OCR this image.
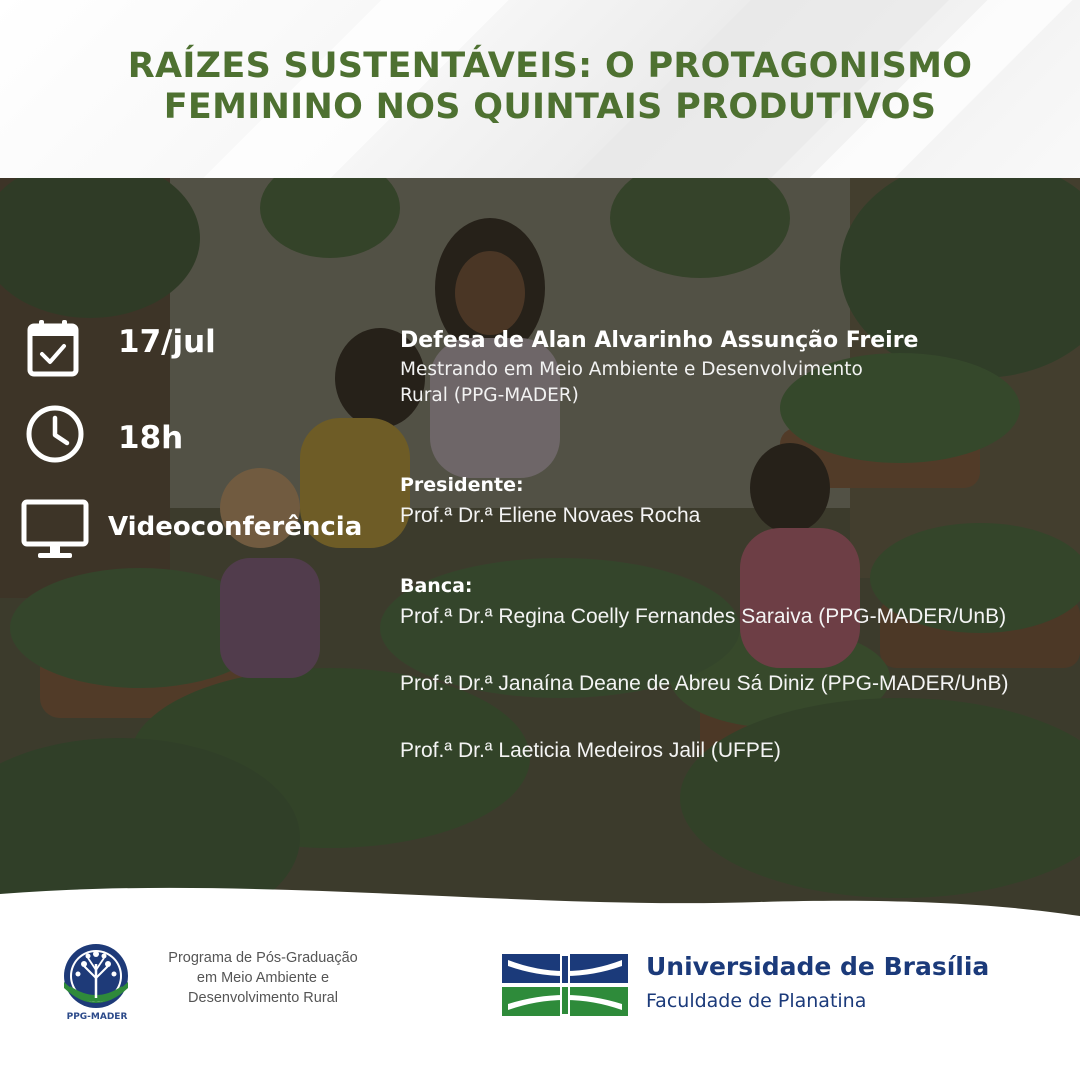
RAÍZES SUSTENTÁVEIS: O PROTAGONISMO
FEMININO NOS QUINTAIS PRODUTIVOS
17/jul
18h
Videoconferência
Defesa de Alan Alvarinho Assunção Freire
Mestrando em Meio Ambiente e Desenvolvimento
Rural (PPG-MADER)
Presidente:
Prof.ª Dr.ª Eliene Novaes Rocha
Banca:
Prof.ª Dr.ª Regina Coelly Fernandes Saraiva (PPG-MADER/UnB)
Prof.ª Dr.ª Janaína Deane de Abreu Sá Diniz (PPG-MADER/UnB)
Prof.ª Dr.ª Laeticia Medeiros Jalil (UFPE)
PPG-MADER
Programa de Pós-Graduação
em Meio Ambiente e
Desenvolvimento Rural
Universidade de Brasília
Faculdade de Planatina
